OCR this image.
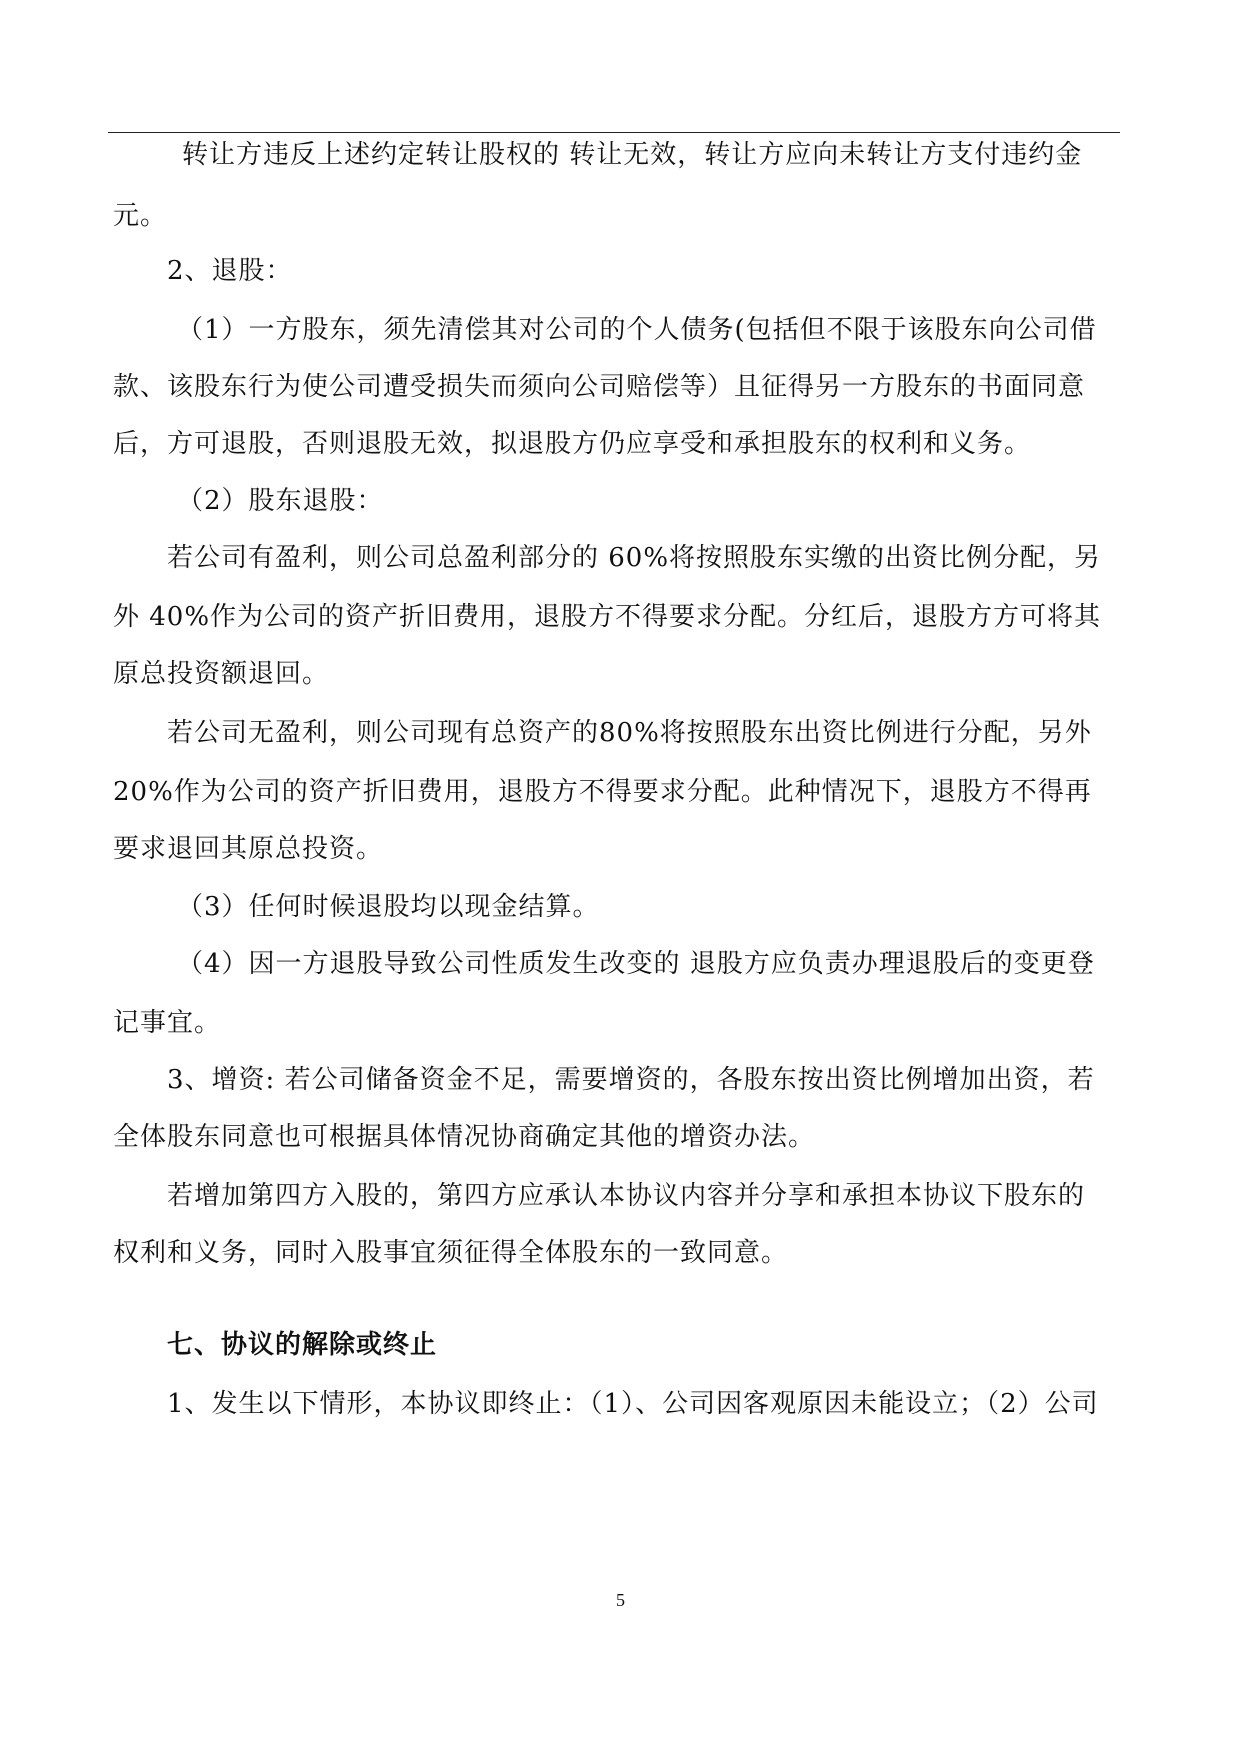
转让方违反上述约定转让股权的 转让无效，转让方应向未转让方支付违约金
元。
2、退股：
（1）一方股东，须先清偿其对公司的个人债务(包括但不限于该股东向公司借
款、该股东行为使公司遭受损失而须向公司赔偿等）且征得另一方股东的书面同意
后，方可退股，否则退股无效，拟退股方仍应享受和承担股东的权利和义务。
（2）股东退股：
若公司有盈利，则公司总盈利部分的 60%将按照股东实缴的出资比例分配，另
外 40%作为公司的资产折旧费用，退股方不得要求分配。分红后，退股方方可将其
原总投资额退回。
若公司无盈利，则公司现有总资产的80%将按照股东出资比例进行分配，另外
20%作为公司的资产折旧费用，退股方不得要求分配。此种情况下，退股方不得再
要求退回其原总投资。
（3）任何时候退股均以现金结算。
（4）因一方退股导致公司性质发生改变的 退股方应负责办理退股后的变更登
记事宜。
3、增资: 若公司储备资金不足，需要增资的，各股东按出资比例增加出资，若
全体股东同意也可根据具体情况协商确定其他的增资办法。
若增加第四方入股的，第四方应承认本协议内容并分享和承担本协议下股东的
权利和义务，同时入股事宜须征得全体股东的一致同意。
七、协议的解除或终止
1、发生以下情形，本协议即终止：（1）、公司因客观原因未能设立；（2）公司
5
